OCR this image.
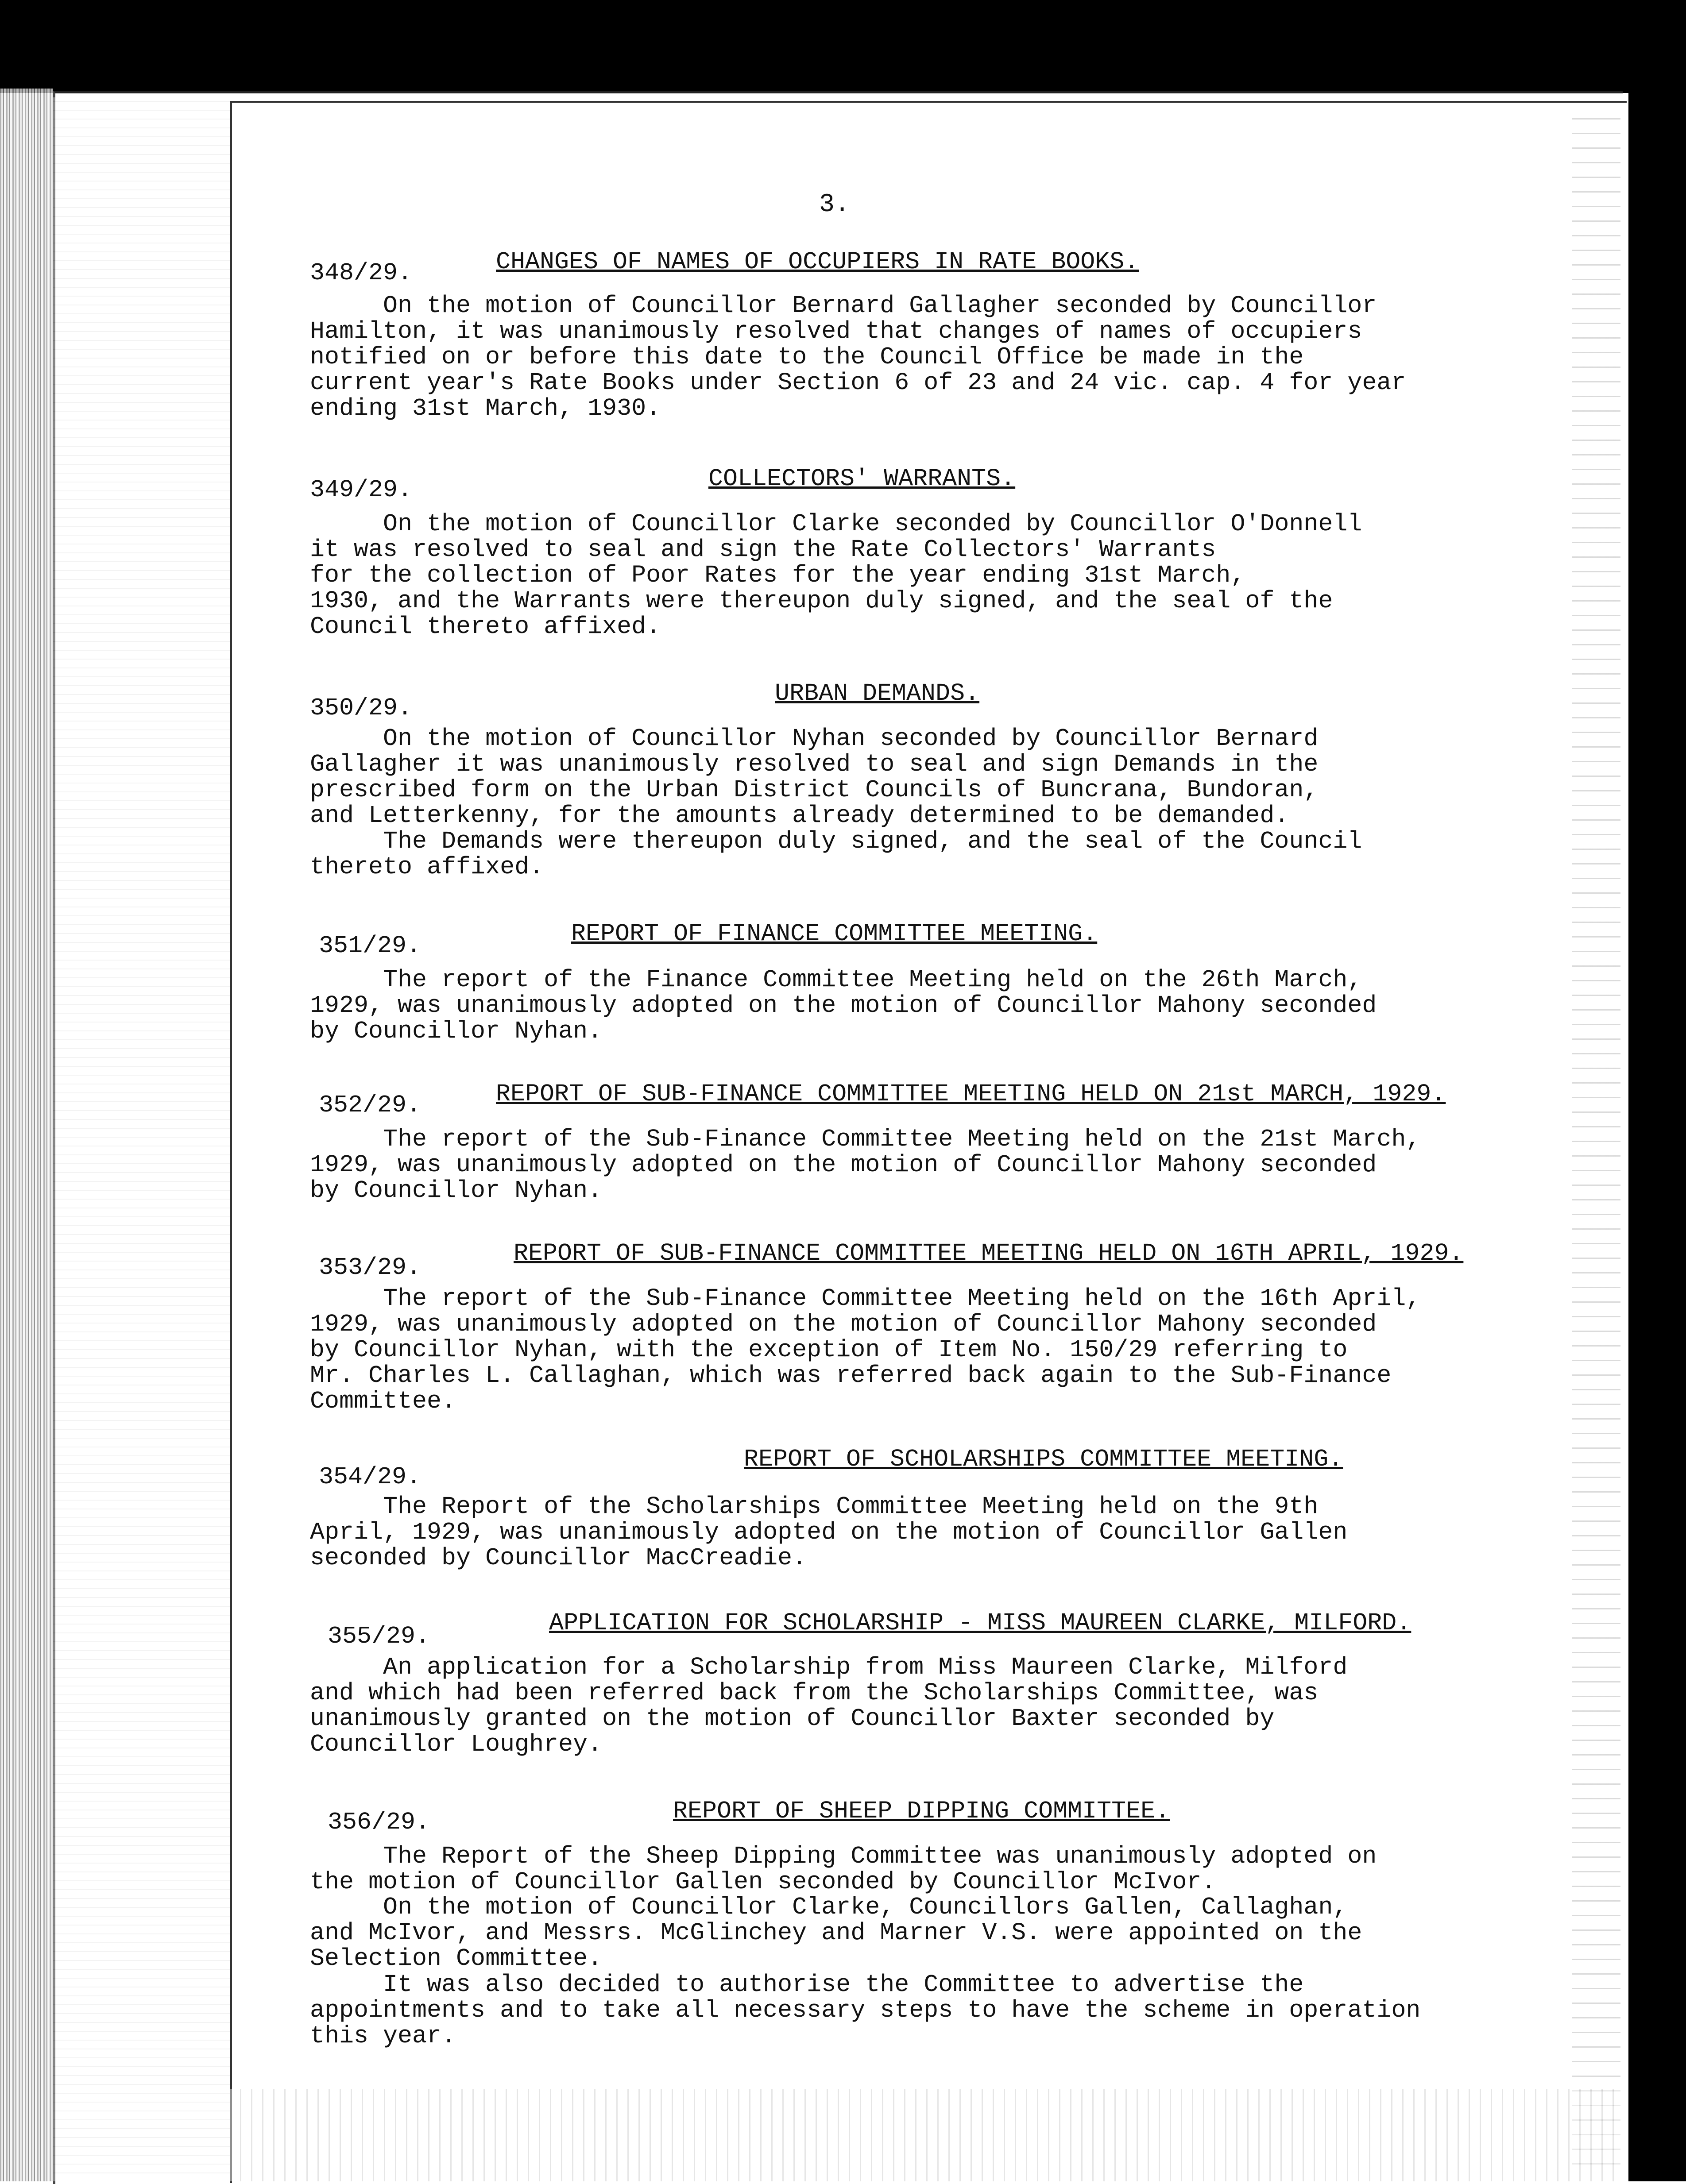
3.
348/29.	CHANGES OF NAMES OF OCCUPIERS IN RATE BOOKS.
On the motion of Councillor Bernard Gallagher seconded by Councillor
Hamilton, it was unanimously resolved that changes of names of occupiers
notified on or before this date to the Council Office be made in the
current year's Rate Books under Section 6 of 23 and 24 vic. cap. 4 for year
ending 31st March, 1930.
349/29.	COLLECTORS' WARRANTS.
On the motion of Councillor Clarke seconded by Councillor O'Donnell
it was resolved to seal and sign the Rate Collectors' Warrants
for the collection of Poor Rates for the year ending 31st March,
1930, and the Warrants were thereupon duly signed, and the seal of the
Council thereto affixed.
350/29.
URBAN DEMANDS.
On the motion of Councillor Nyhan seconded by Councillor Bernard
Gallagher it was unanimously resolved to seal and sign Demands in the
prescribed form on the Urban District Councils of Buncrana, Bundoran,
and Letterkenny, for the amounts already determined to be demanded.
The Demands were thereupon duly signed, and the seal of the Council
thereto affixed.
351/29.	REPORT OF FINANCE COMMITTEE MEETING.
The report of the Finance Committee Meeting held on the 26th March,
1929, was unanimously adopted on the motion of Councillor Mahony seconded
by Councillor Nyhan.
352/29.	REPORT OF SUB-FINANCE COMMITTEE MEETING HELD ON 21st MARCH, 1929.
The report of the Sub-Finance Committee Meeting held on the 21st March,
1929, was unanimously adopted on the motion of Councillor Mahony seconded
by Councillor Nyhan.
353/29.
REPORT OF SUB-FINANCE COMMITTEE MEETING HELD ON 16TH APRIL, 1929.
The report of the Sub-Finance Committee Meeting held on the 16th April,
1929, was unanimously adopted on the motion of Councillor Mahony seconded
by Councillor Nyhan, with the exception of Item No. 150/29 referring to
Mr. Charles L. Callaghan, which was referred back again to the Sub-Finance
Committee.
354/29.
REPORT OF SCHOLARSHIPS COMMITTEE MEETING.
The Report of the Scholarships Committee Meeting held on the 9th
April, 1929, was unanimously adopted on the motion of Councillor Gallen
seconded by Councillor MacCreadie.
355/29.	APPLICATION FOR SCHOLARSHIP - MISS MAUREEN CLARKE, MILFORD.
An application for a Scholarship from Miss Maureen Clarke, Milford
and which had been referred back from the Scholarships Committee, was
unanimously granted on the motion of Councillor Baxter seconded by
Councillor Loughrey.
356/29.	REPORT OF SHEEP DIPPING COMMITTEE.
The Report of the Sheep Dipping Committee was unanimously adopted on
the motion of Councillor Gallen seconded by Councillor McIvor.
On the motion of Councillor Clarke, Councillors Gallen, Callaghan,
and McIvor, and Messrs. McGlinchey and Marner V.S. were appointed on the
Selection Committee.
It was also decided to authorise the Committee to advertise the
appointments and to take all necessary steps to have the scheme in operation
this year.
